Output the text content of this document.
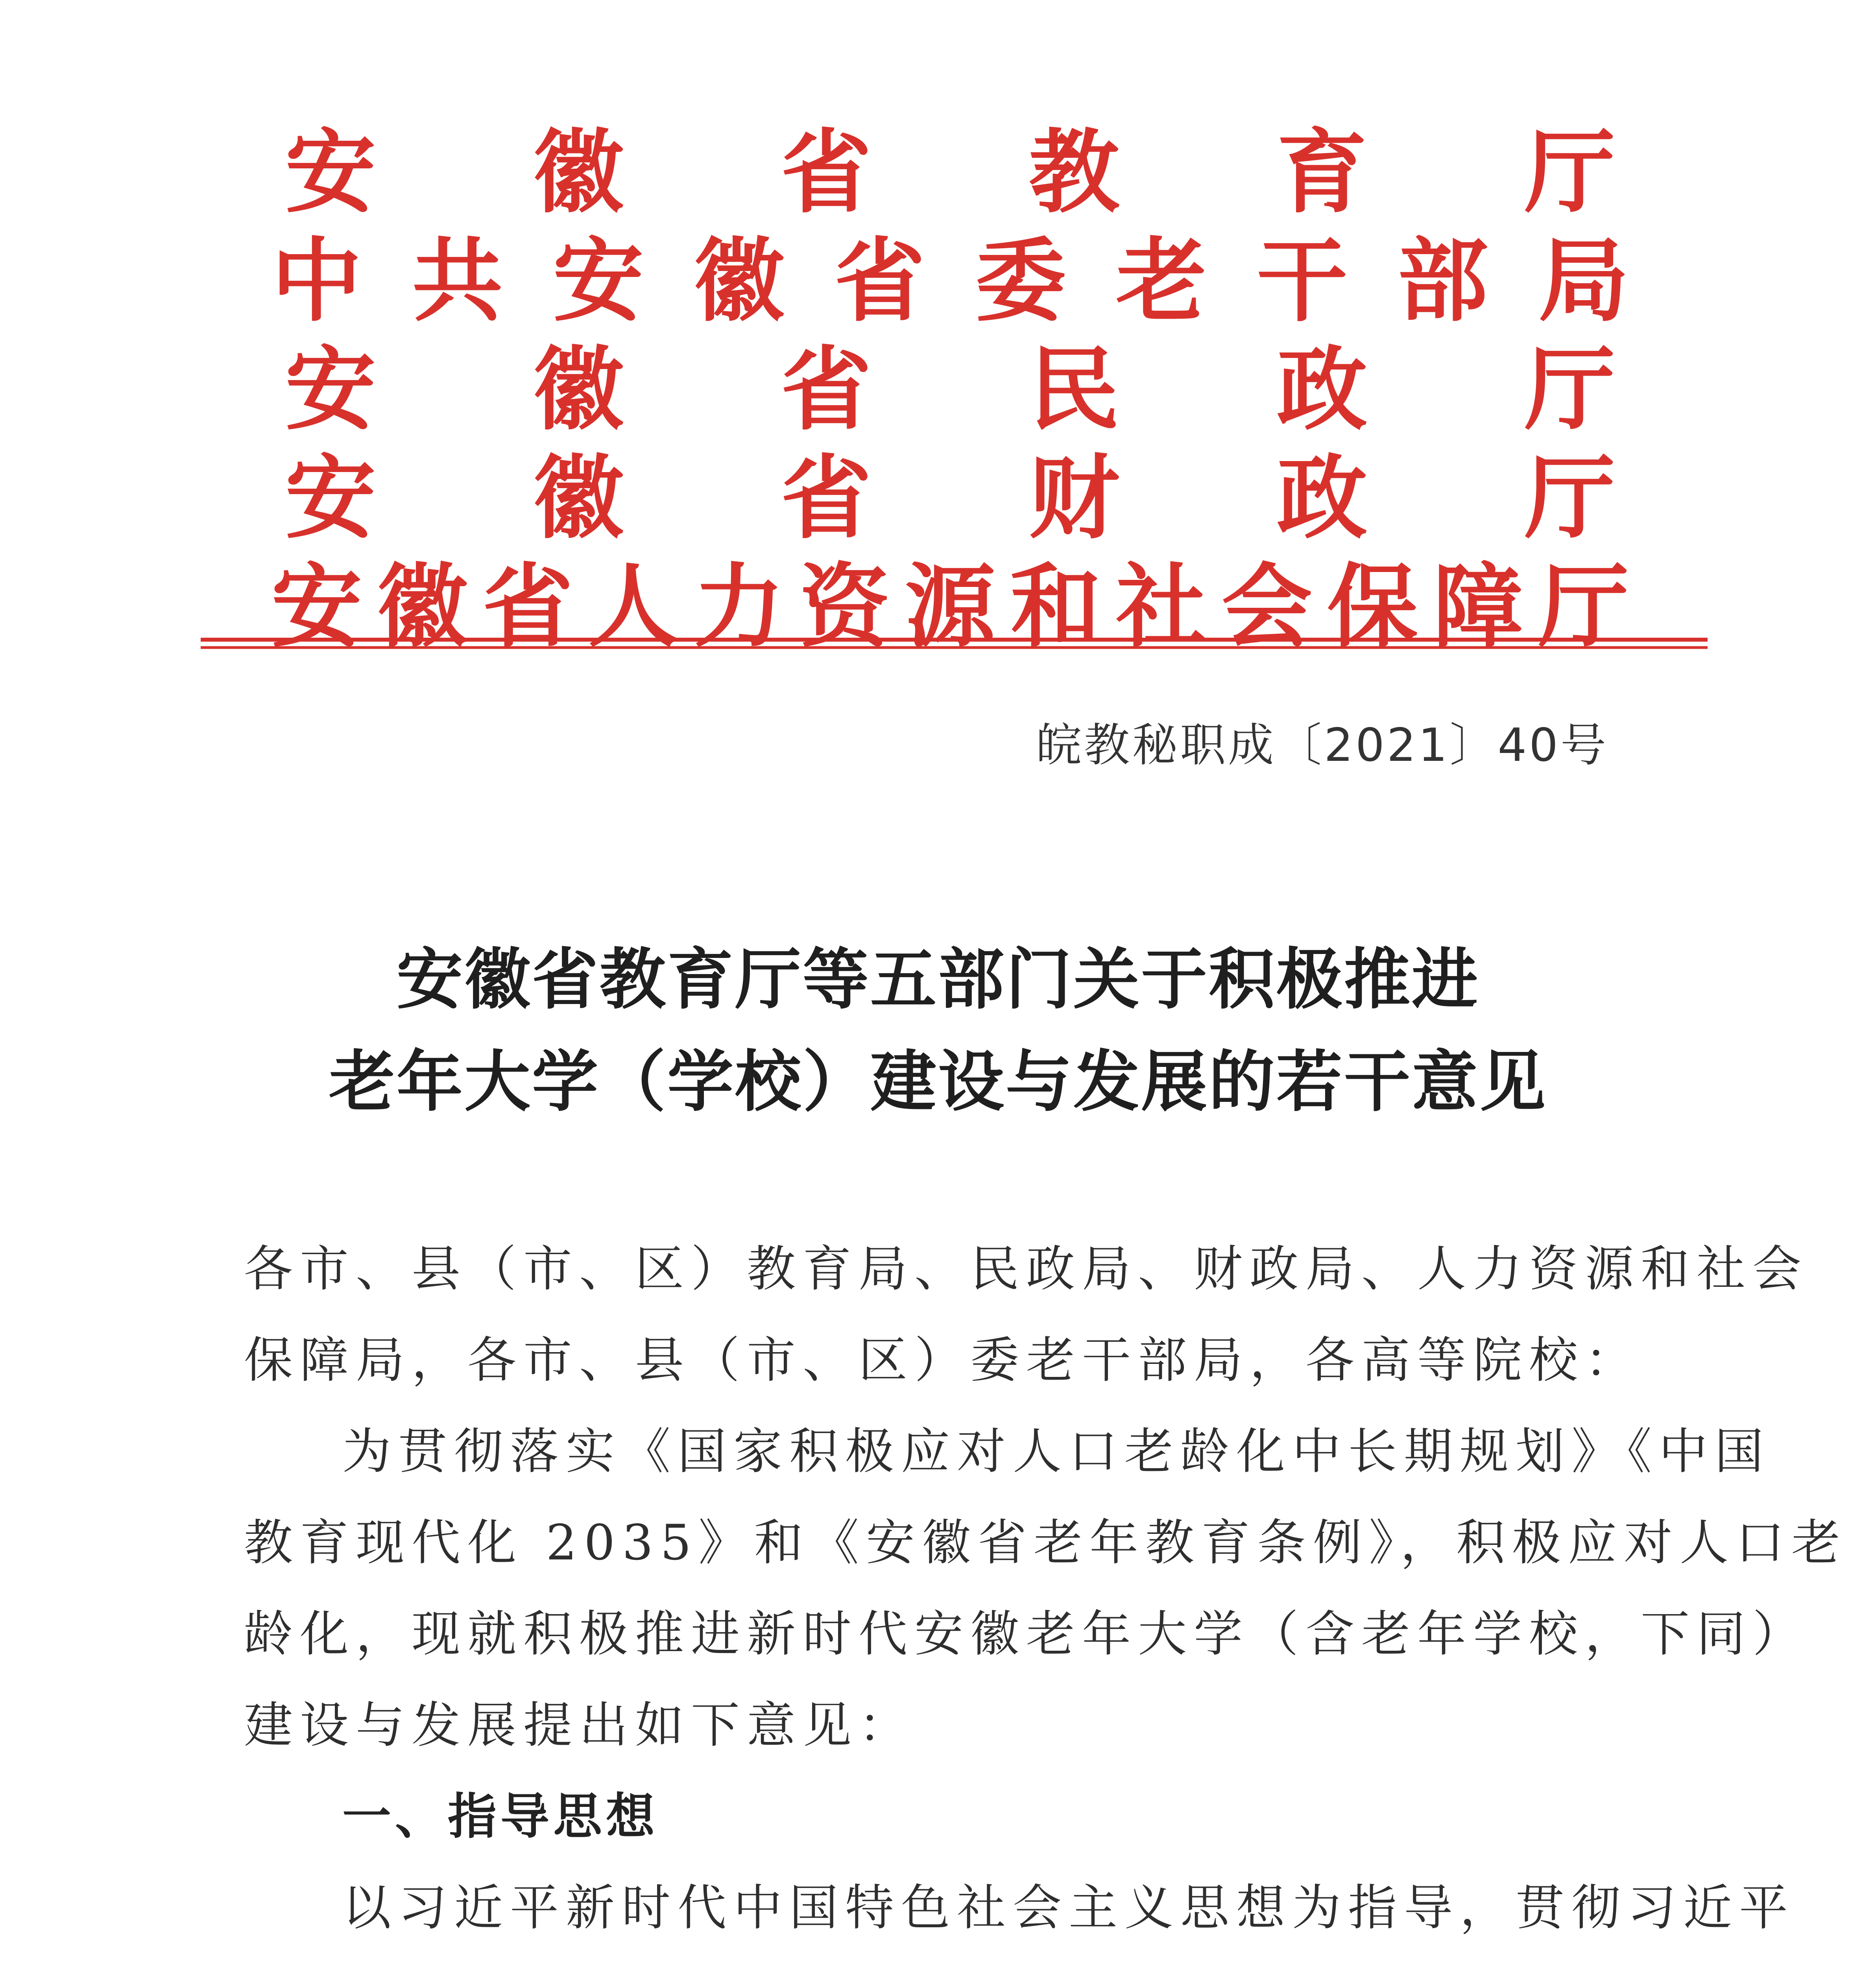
安 徽 省 教 育 厅
中 共 安 徽 省 委 老 干 部 局
安 徽 省 民 政 厅
安 徽 省 财 政 厅
安 徽 省 人 力 资 源 和 社 会 保 障 厅
皖教秘职成〔2021〕40号
安徽省教育厅等五部门关于积极推进
老年大学（学校）建设与发展的若干意见
各市、县（市、区）教育局、民政局、财政局、人力资源和社会
保障局，各市、县（市、区）委老干部局，各高等院校：
为贯彻落实《国家积极应对人口老龄化中长期规划》《中国
教育现代化 2035》和《安徽省老年教育条例》，积极应对人口老
龄化，现就积极推进新时代安徽老年大学（含老年学校，下同）
建设与发展提出如下意见：
一、指导思想
以习近平新时代中国特色社会主义思想为指导，贯彻习近平
